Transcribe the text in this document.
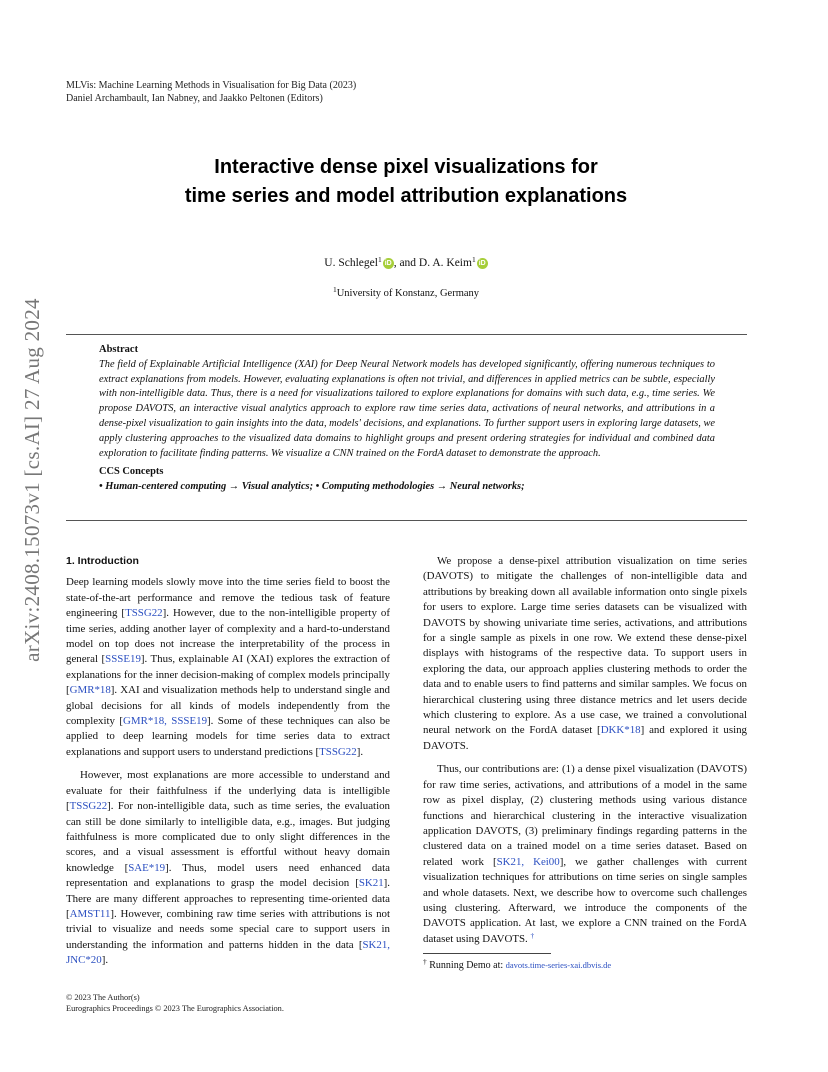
MLVis: Machine Learning Methods in Visualisation for Big Data (2023)
Daniel Archambault, Ian Nabney, and Jaakko Peltonen (Editors)
arXiv:2408.15073v1 [cs.AI] 27 Aug 2024
Interactive dense pixel visualizations for
time series and model attribution explanations
U. Schlegel$^1$ iD , and D. A. Keim$^1$ iD
$^1$University of Konstanz, Germany
Abstract
The field of Explainable Artificial Intelligence (XAI) for Deep Neural Network models has developed significantly, offering numerous techniques to extract explanations from models. However, evaluating explanations is often not trivial, and differences in applied metrics can be subtle, especially with non-intelligible data. Thus, there is a need for visualizations tailored to explore explanations for domains with such data, e.g., time series. We propose DAVOTS, an interactive visual analytics approach to explore raw time series data, activations of neural networks, and attributions in a dense-pixel visualization to gain insights into the data, models' decisions, and explanations. To further support users in exploring large datasets, we apply clustering approaches to the visualized data domains to highlight groups and present ordering strategies for individual and combined data exploration to facilitate finding patterns. We visualize a CNN trained on the FordA dataset to demonstrate the approach.
CCS Concepts
• Human-centered computing → Visual analytics; • Computing methodologies → Neural networks;
1. Introduction

Deep learning models slowly move into the time series field to boost the state-of-the-art performance and remove the tedious task of feature engineering [TSSG22]. However, due to the non-intelligible property of time series, adding another layer of complexity and a hard-to-understand model on top does not increase the interpretability of the process in general [SSSE19]. Thus, explainable AI (XAI) explores the extraction of explanations for the inner decision-making of complex models principally [GMR*18]. XAI and visualization methods help to understand single and global decisions for all kinds of models independently from the complexity [GMR*18, SSSE19]. Some of these techniques can also be applied to deep learning models for time series data to extract explanations and support users to understand predictions [TSSG22].

However, most explanations are more accessible to understand and evaluate for their faithfulness if the underlying data is intelligible [TSSG22]. For non-intelligible data, such as time series, the evaluation can still be done similarly to intelligible data, e.g., images. But judging faithfulness is more complicated due to only slight differences in the scores, and a visual assessment is effortful without heavy domain knowledge [SAE*19]. Thus, model users need enhanced data representation and explanations to grasp the model decision [SK21]. There are many different approaches to representing time-oriented data [AMST11]. However, combining raw time series with attributions is not trivial to visualize and needs some special care to support users in understanding the information and patterns hidden in the data [SK21, JNC*20].

We propose a dense-pixel attribution visualization on time series (DAVOTS) to mitigate the challenges of non-intelligible data and attributions by breaking down all available information onto single pixels for users to explore. Large time series datasets can be visualized with DAVOTS by showing univariate time series, activations, and attributions for a single sample as pixels in one row. We extend these dense-pixel displays with histograms of the respective data. To support users in exploring the data, our approach applies clustering methods to order the data and to enable users to find patterns and similar samples. We focus on hierarchical clustering using three distance metrics and let users decide which clustering to explore. As a use case, we trained a convolutional neural network on the FordA dataset [DKK*18] and explored it using DAVOTS.

Thus, our contributions are: (1) a dense pixel visualization (DAVOTS) for raw time series, activations, and attributions of a model in the same row as pixel display, (2) clustering methods using various distance functions and hierarchical clustering in the interactive visualization application DAVOTS, (3) preliminary findings regarding patterns in the clustered data on a trained model on a time series dataset. Based on related work [SK21, Kei00], we gather challenges with current visualization techniques for attributions on time series on single samples and whole datasets. Next, we describe how to overcome such challenges using clustering. Afterward, we introduce the components of the DAVOTS application. At last, we explore a CNN trained on the FordA dataset using DAVOTS. †

† Running Demo at: davots.time-series-xai.dbvis.de
© 2023 The Author(s)
Eurographics Proceedings © 2023 The Eurographics Association.
